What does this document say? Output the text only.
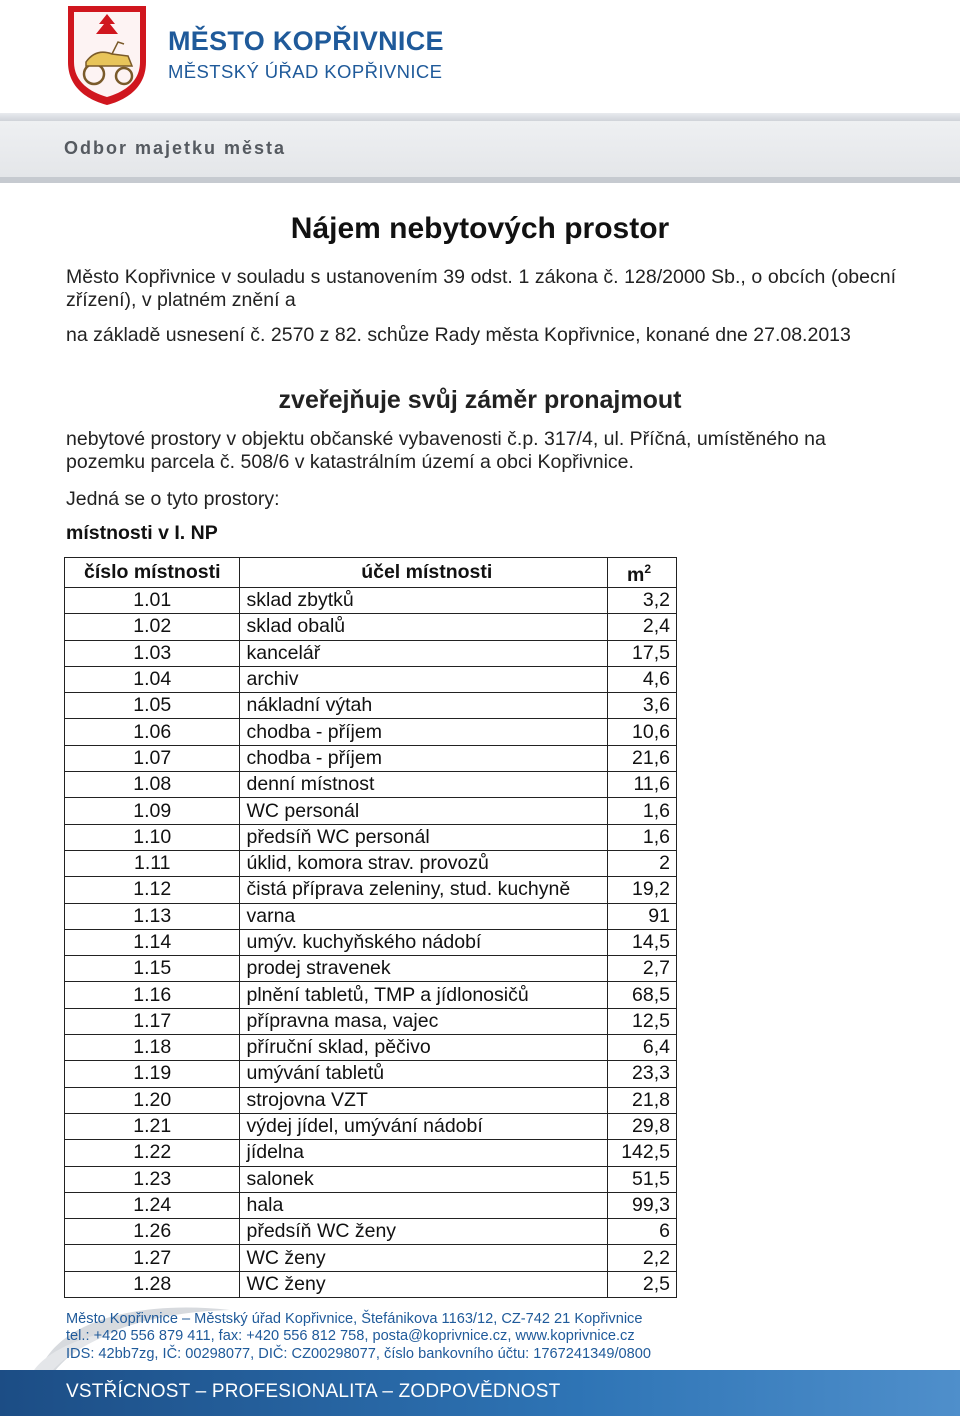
MĚSTO KOPŘIVNICE
MĚSTSKÝ ÚŘAD KOPŘIVNICE
Odbor majetku města
Nájem nebytových prostor
Město Kopřivnice v souladu s ustanovením 39 odst. 1 zákona č. 128/2000 Sb., o obcích (obecní zřízení), v platném znění a
na základě usnesení č. 2570 z 82. schůze Rady města Kopřivnice, konané dne 27.08.2013
zveřejňuje svůj záměr pronajmout
nebytové prostory v objektu občanské vybavenosti č.p. 317/4, ul. Příčná, umístěného na pozemku parcela č. 508/6 v katastrálním území a obci Kopřivnice.
Jedná se o tyto prostory:
místnosti v I. NP
číslo místnosti	účel místnosti	$m^2$
1.01	sklad zbytků	3,2
1.02	sklad obalů	2,4
1.03	kancelář	17,5
1.04	archiv	4,6
1.05	nákladní výtah	3,6
1.06	chodba - příjem	10,6
1.07	chodba - příjem	21,6
1.08	denní místnost	11,6
1.09	WC personál	1,6
1.10	předsíň WC personál	1,6
1.11	úklid, komora strav. provozů	2
1.12	čistá příprava zeleniny, stud. kuchyně	19,2
1.13	varna	91
1.14	umýv. kuchyňského nádobí	14,5
1.15	prodej stravenek	2,7
1.16	plnění tabletů, TMP a jídlonosičů	68,5
1.17	přípravna masa, vajec	12,5
1.18	příruční sklad, pěčivo	6,4
1.19	umývání tabletů	23,3
1.20	strojovna VZT	21,8
1.21	výdej jídel, umývání nádobí	29,8
1.22	jídelna	142,5
1.23	salonek	51,5
1.24	hala	99,3
1.26	předsíň WC ženy	6
1.27	WC ženy	2,2
1.28	WC ženy	2,5
Město Kopřivnice – Městský úřad Kopřivnice, Štefánikova 1163/12, CZ-742 21 Kopřivnice
tel.: +420 556 879 411, fax: +420 556 812 758, posta@koprivnice.cz, www.koprivnice.cz
IDS: 42bb7zg, IČ: 00298077, DIČ: CZ00298077, číslo bankovního účtu: 1767241349/0800
VSTŘÍCNOST – PROFESIONALITA – ZODPOVĚDNOST
